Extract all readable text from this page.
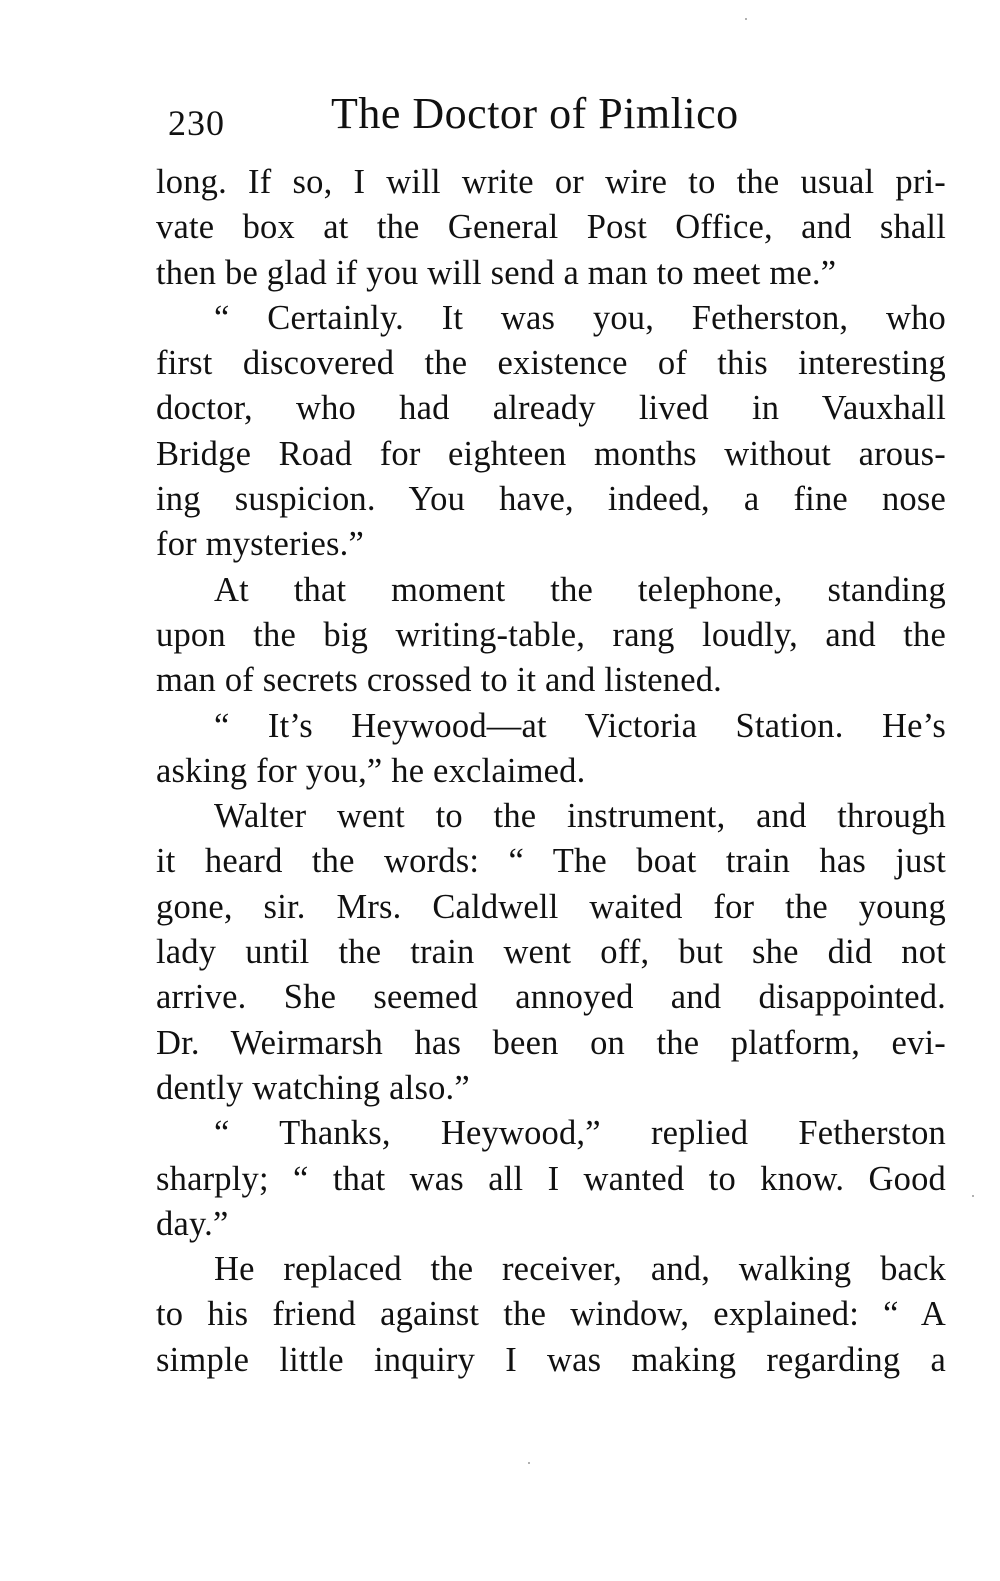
230 The Doctor of Pimlico
long. If so, I will write or wire to the usual pri-
vate box at the General Post Office, and shall
then be glad if you will send a man to meet me.”
“ Certainly. It was you, Fetherston, who
first discovered the existence of this interesting
doctor, who had already lived in Vauxhall
Bridge Road for eighteen months without arous-
ing suspicion. You have, indeed, a fine nose
for mysteries.”
At that moment the telephone, standing
upon the big writing-table, rang loudly, and the
man of secrets crossed to it and listened.
“ It’s Heywood—at Victoria Station. He’s
asking for you,” he exclaimed.
Walter went to the instrument, and through
it heard the words: “ The boat train has just
gone, sir. Mrs. Caldwell waited for the young
lady until the train went off, but she did not
arrive. She seemed annoyed and disappointed.
Dr. Weirmarsh has been on the platform, evi-
dently watching also.”
“ Thanks, Heywood,” replied Fetherston
sharply; “ that was all I wanted to know. Good
day.”
He replaced the receiver, and, walking back
to his friend against the window, explained: “ A
simple little inquiry I was making regarding a
